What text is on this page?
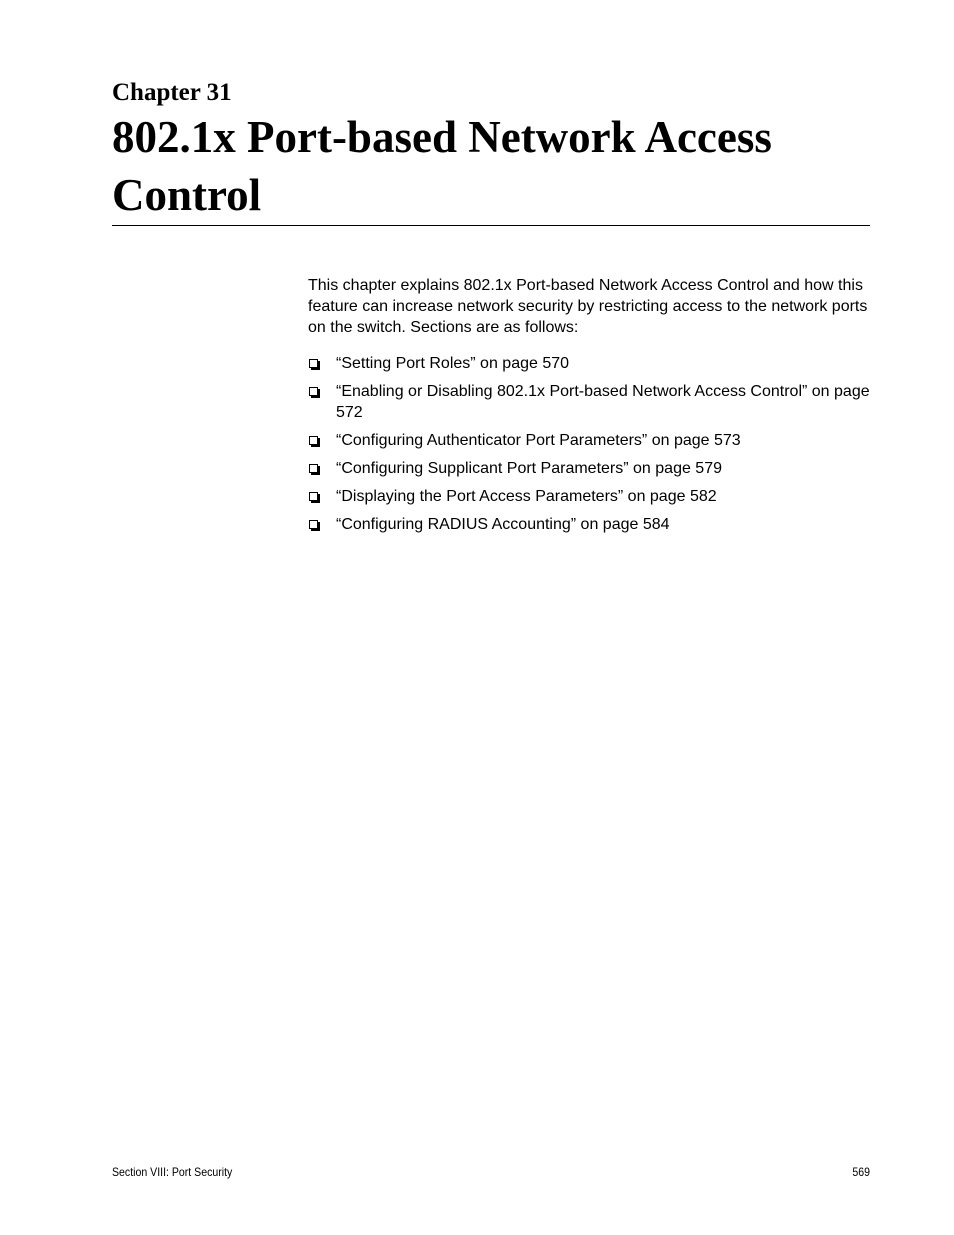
Chapter 31
802.1x Port-based Network Access Control

This chapter explains 802.1x Port-based Network Access Control and how this feature can increase network security by restricting access to the network ports on the switch. Sections are as follows:

“Setting Port Roles” on page 570
“Enabling or Disabling 802.1x Port-based Network Access Control” on page 572
“Configuring Authenticator Port Parameters” on page 573
“Configuring Supplicant Port Parameters” on page 579
“Displaying the Port Access Parameters” on page 582
“Configuring RADIUS Accounting” on page 584
Section VIII: Port Security	569
